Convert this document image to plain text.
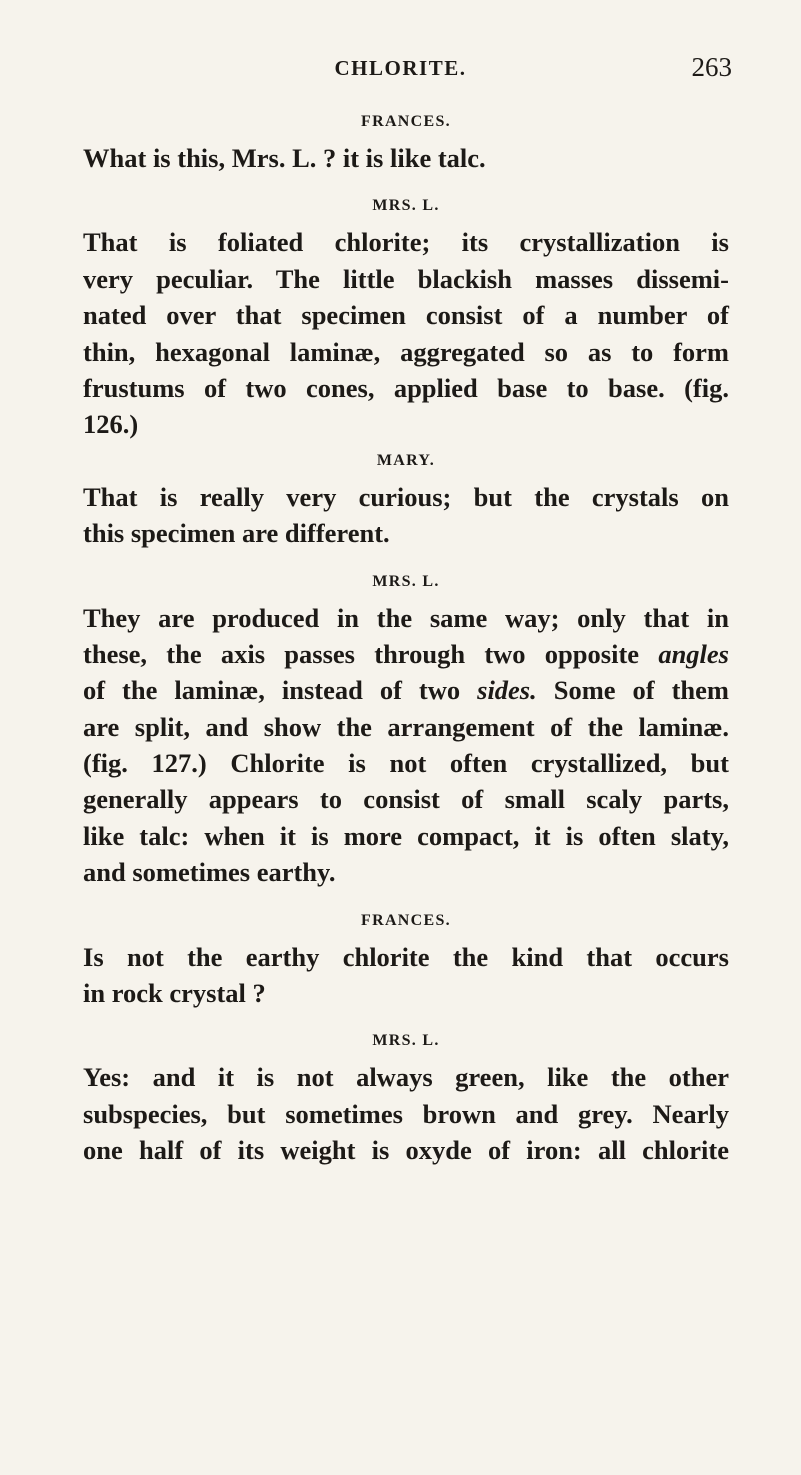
CHLORITE.	263
FRANCES.
What is this, Mrs. L. ? it is like talc.
MRS. L.
That is foliated chlorite; its crystallization is
very peculiar. The little blackish masses dissemi-
nated over that specimen consist of a number of
thin, hexagonal laminæ, aggregated so as to form
frustums of two cones, applied base to base. (fig.
126.)
MARY.
That is really very curious; but the crystals on
this specimen are different.
MRS. L.
They are produced in the same way; only that in
these, the axis passes through two opposite angles
of the laminæ, instead of two sides. Some of them
are split, and show the arrangement of the laminæ.
(fig. 127.) Chlorite is not often crystallized, but
generally appears to consist of small scaly parts,
like talc: when it is more compact, it is often slaty,
and sometimes earthy.
FRANCES.
Is not the earthy chlorite the kind that occurs
in rock crystal ?
MRS. L.
Yes: and it is not always green, like the other
subspecies, but sometimes brown and grey. Nearly
one half of its weight is oxyde of iron: all chlorite
